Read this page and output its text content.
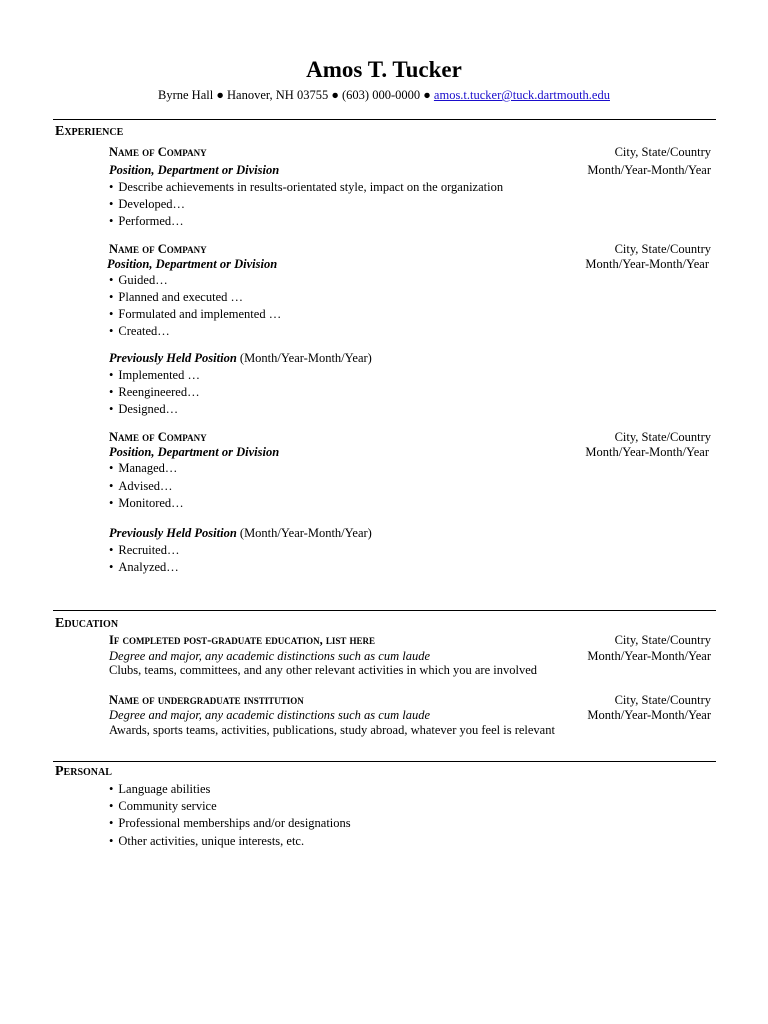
Amos T. Tucker
Byrne Hall ● Hanover, NH 03755 ● (603) 000-0000 ● amos.t.tucker@tuck.dartmouth.edu
Experience
Name of Company	City, State/Country
Position, Department or Division	Month/Year-Month/Year
• Describe achievements in results-orientated style, impact on the organization
• Developed…
• Performed…
Name of Company	City, State/Country
Position, Department or Division	Month/Year-Month/Year
• Guided…
• Planned and executed …
• Formulated and implemented …
• Created…
Previously Held Position (Month/Year-Month/Year)
• Implemented …
• Reengineered…
• Designed…
Name of Company	City, State/Country
Position, Department or Division	Month/Year-Month/Year
• Managed…
• Advised…
• Monitored…
Previously Held Position (Month/Year-Month/Year)
• Recruited…
• Analyzed…
Education
If completed post-graduate education, list here	City, State/Country
Degree and major, any academic distinctions such as cum laude	Month/Year-Month/Year
Clubs, teams, committees, and any other relevant activities in which you are involved
Name of undergraduate institution	City, State/Country
Degree and major, any academic distinctions such as cum laude	Month/Year-Month/Year
Awards, sports teams, activities, publications, study abroad, whatever you feel is relevant
Personal
• Language abilities
• Community service
• Professional memberships and/or designations
• Other activities, unique interests, etc.
